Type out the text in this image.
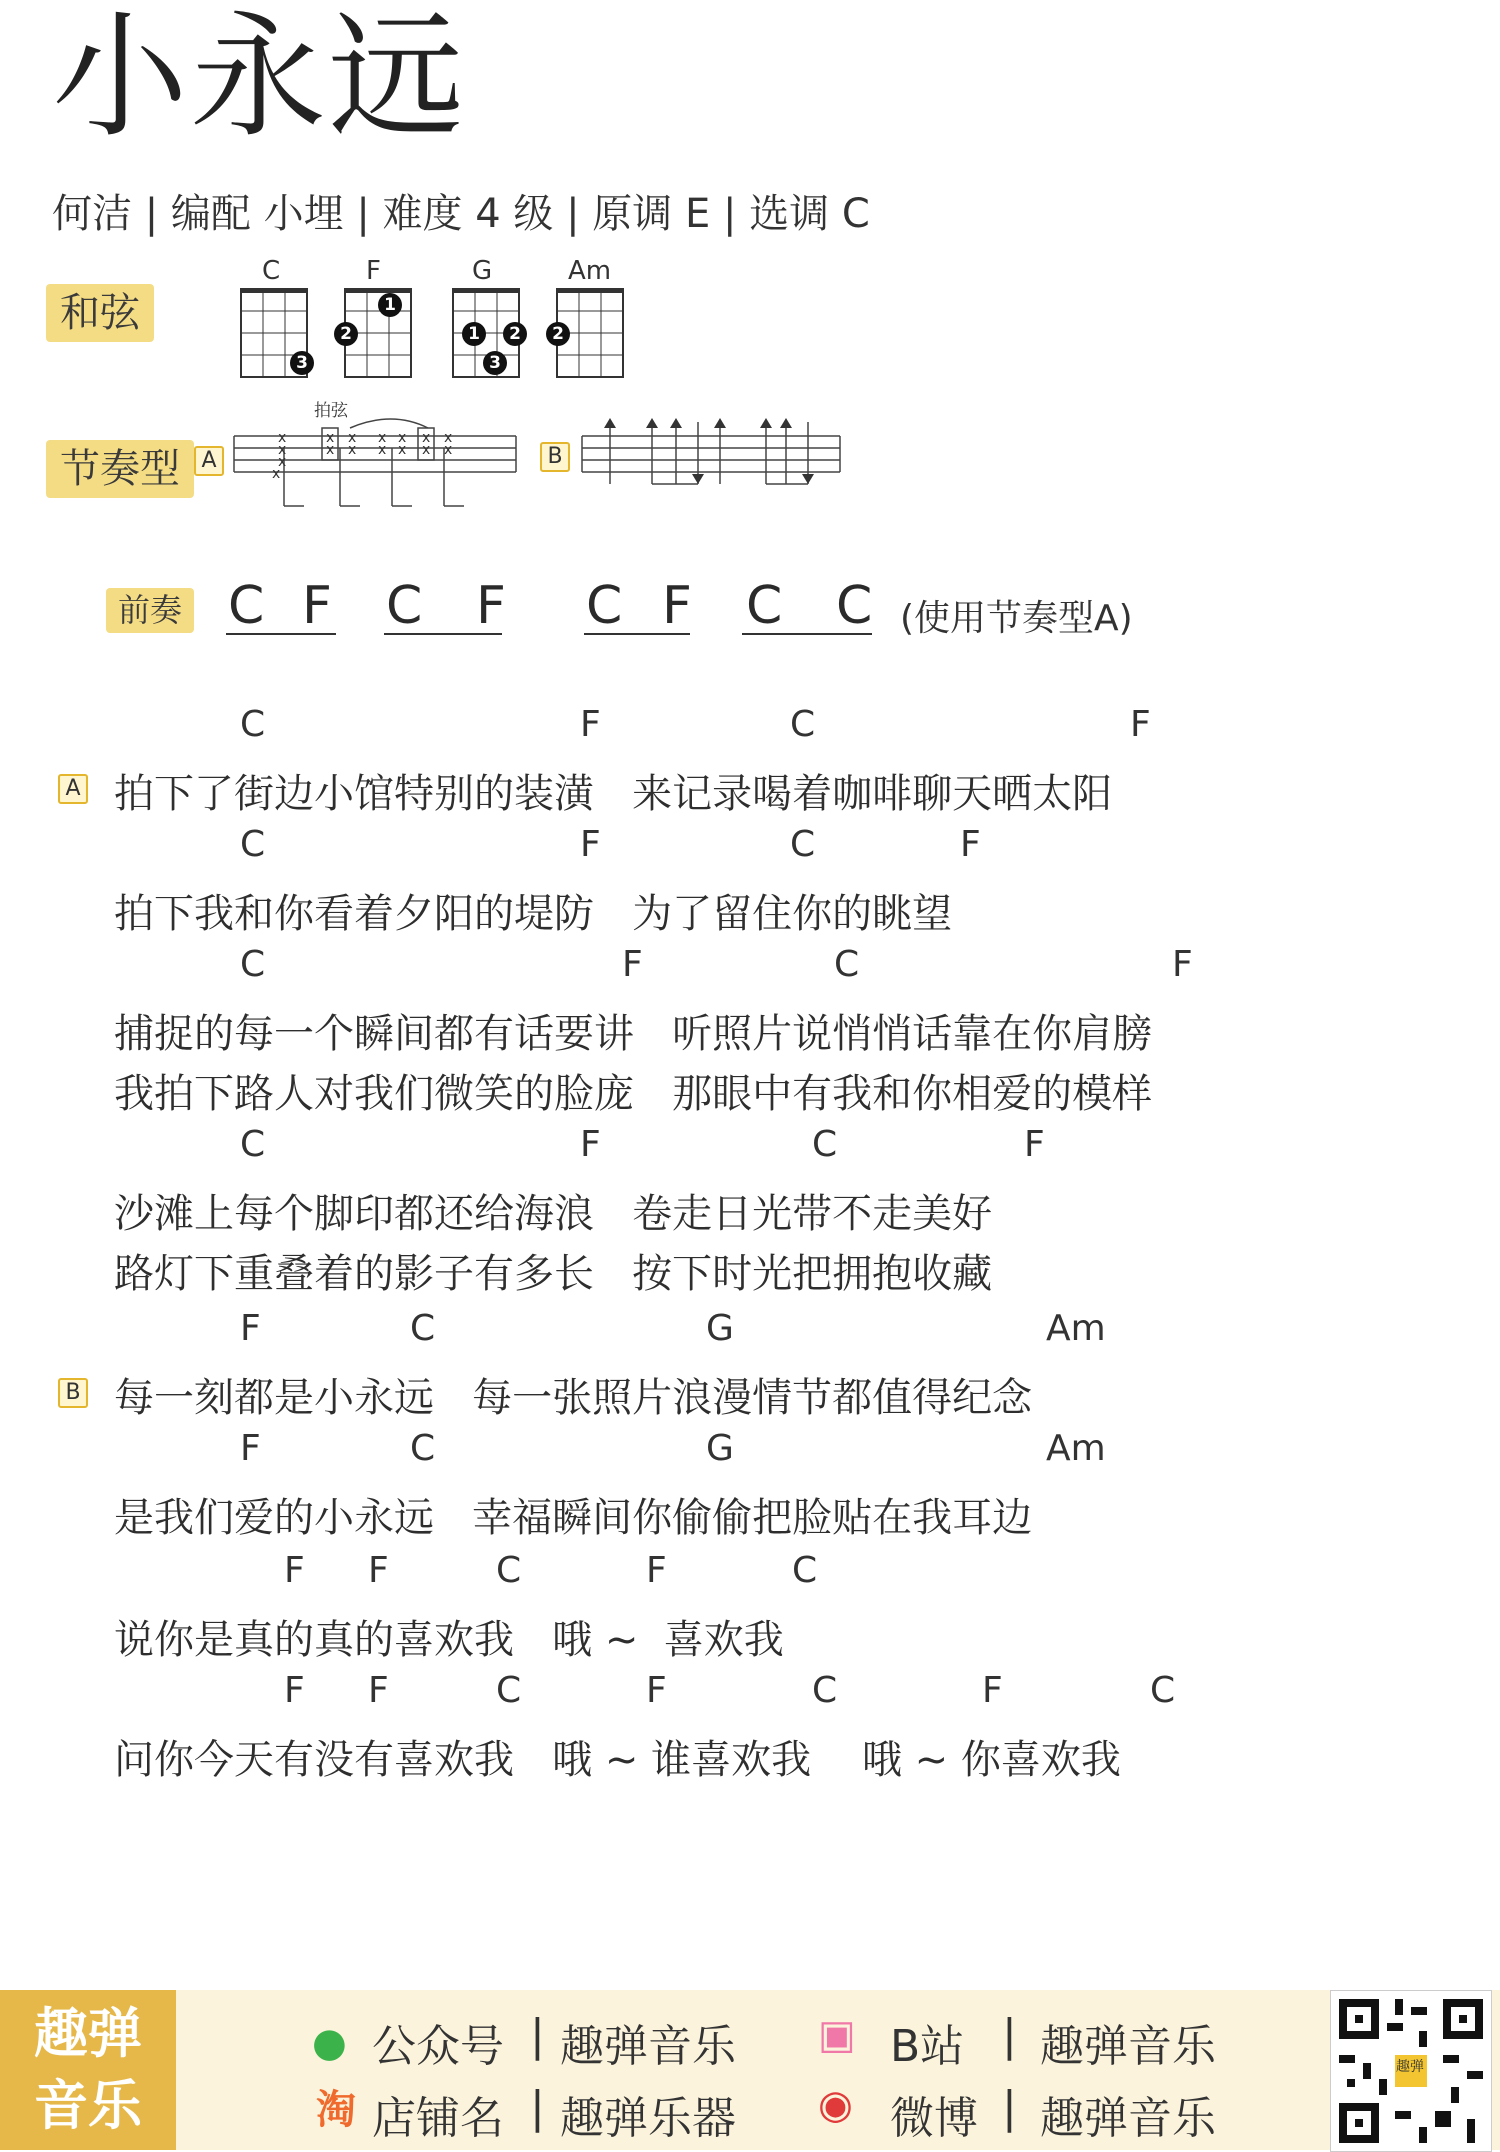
小永远
何洁 | 编配 小埋 | 难度 4 级 | 原调 E | 选调 C
和弦
C
3
F
1
2
G
1	2
3
Am
2
节奏型 A
拍弦
x
x
x
x
x
x
x
x
x
x
x
x
x
x
x
x
B
前奏 C F C F C F C C (使用节奏型A)
A

C

	F

	C

	F

拍下了街边小馆特别的装潢   来记录喝着咖啡聊天晒太阳

C

	F

	C

	F

拍下我和你看着夕阳的堤防   为了留住你的眺望

C

	F

	C

	F

捕捉的每一个瞬间都有话要讲   听照片说悄悄话靠在你肩膀
我拍下路人对我们微笑的脸庞   那眼中有我和你相爱的模样

C

	F

	C

	F

沙滩上每个脚印都还给海浪   卷走日光带不走美好
路灯下重叠着的影子有多长   按下时光把拥抱收藏
B

F

	C

	G

	Am

每一刻都是小永远   每一张照片浪漫情节都值得纪念

F

	C

	G

	Am

是我们爱的小永远   幸福瞬间你偷偷把脸贴在我耳边

F

F

	C

	F

	C

说你是真的真的喜欢我   哦 ~  喜欢我

F

F

	C

	F

	C

	F

	C

问你今天有没有喜欢我   哦 ~ 谁喜欢我    哦 ~ 你喜欢我
趣弹音乐
● 公众号 | 趣弹音乐
淘 店铺名 | 趣弹乐器
▣ B站 | 趣弹音乐
◉ 微博 | 趣弹音乐
趣弹
